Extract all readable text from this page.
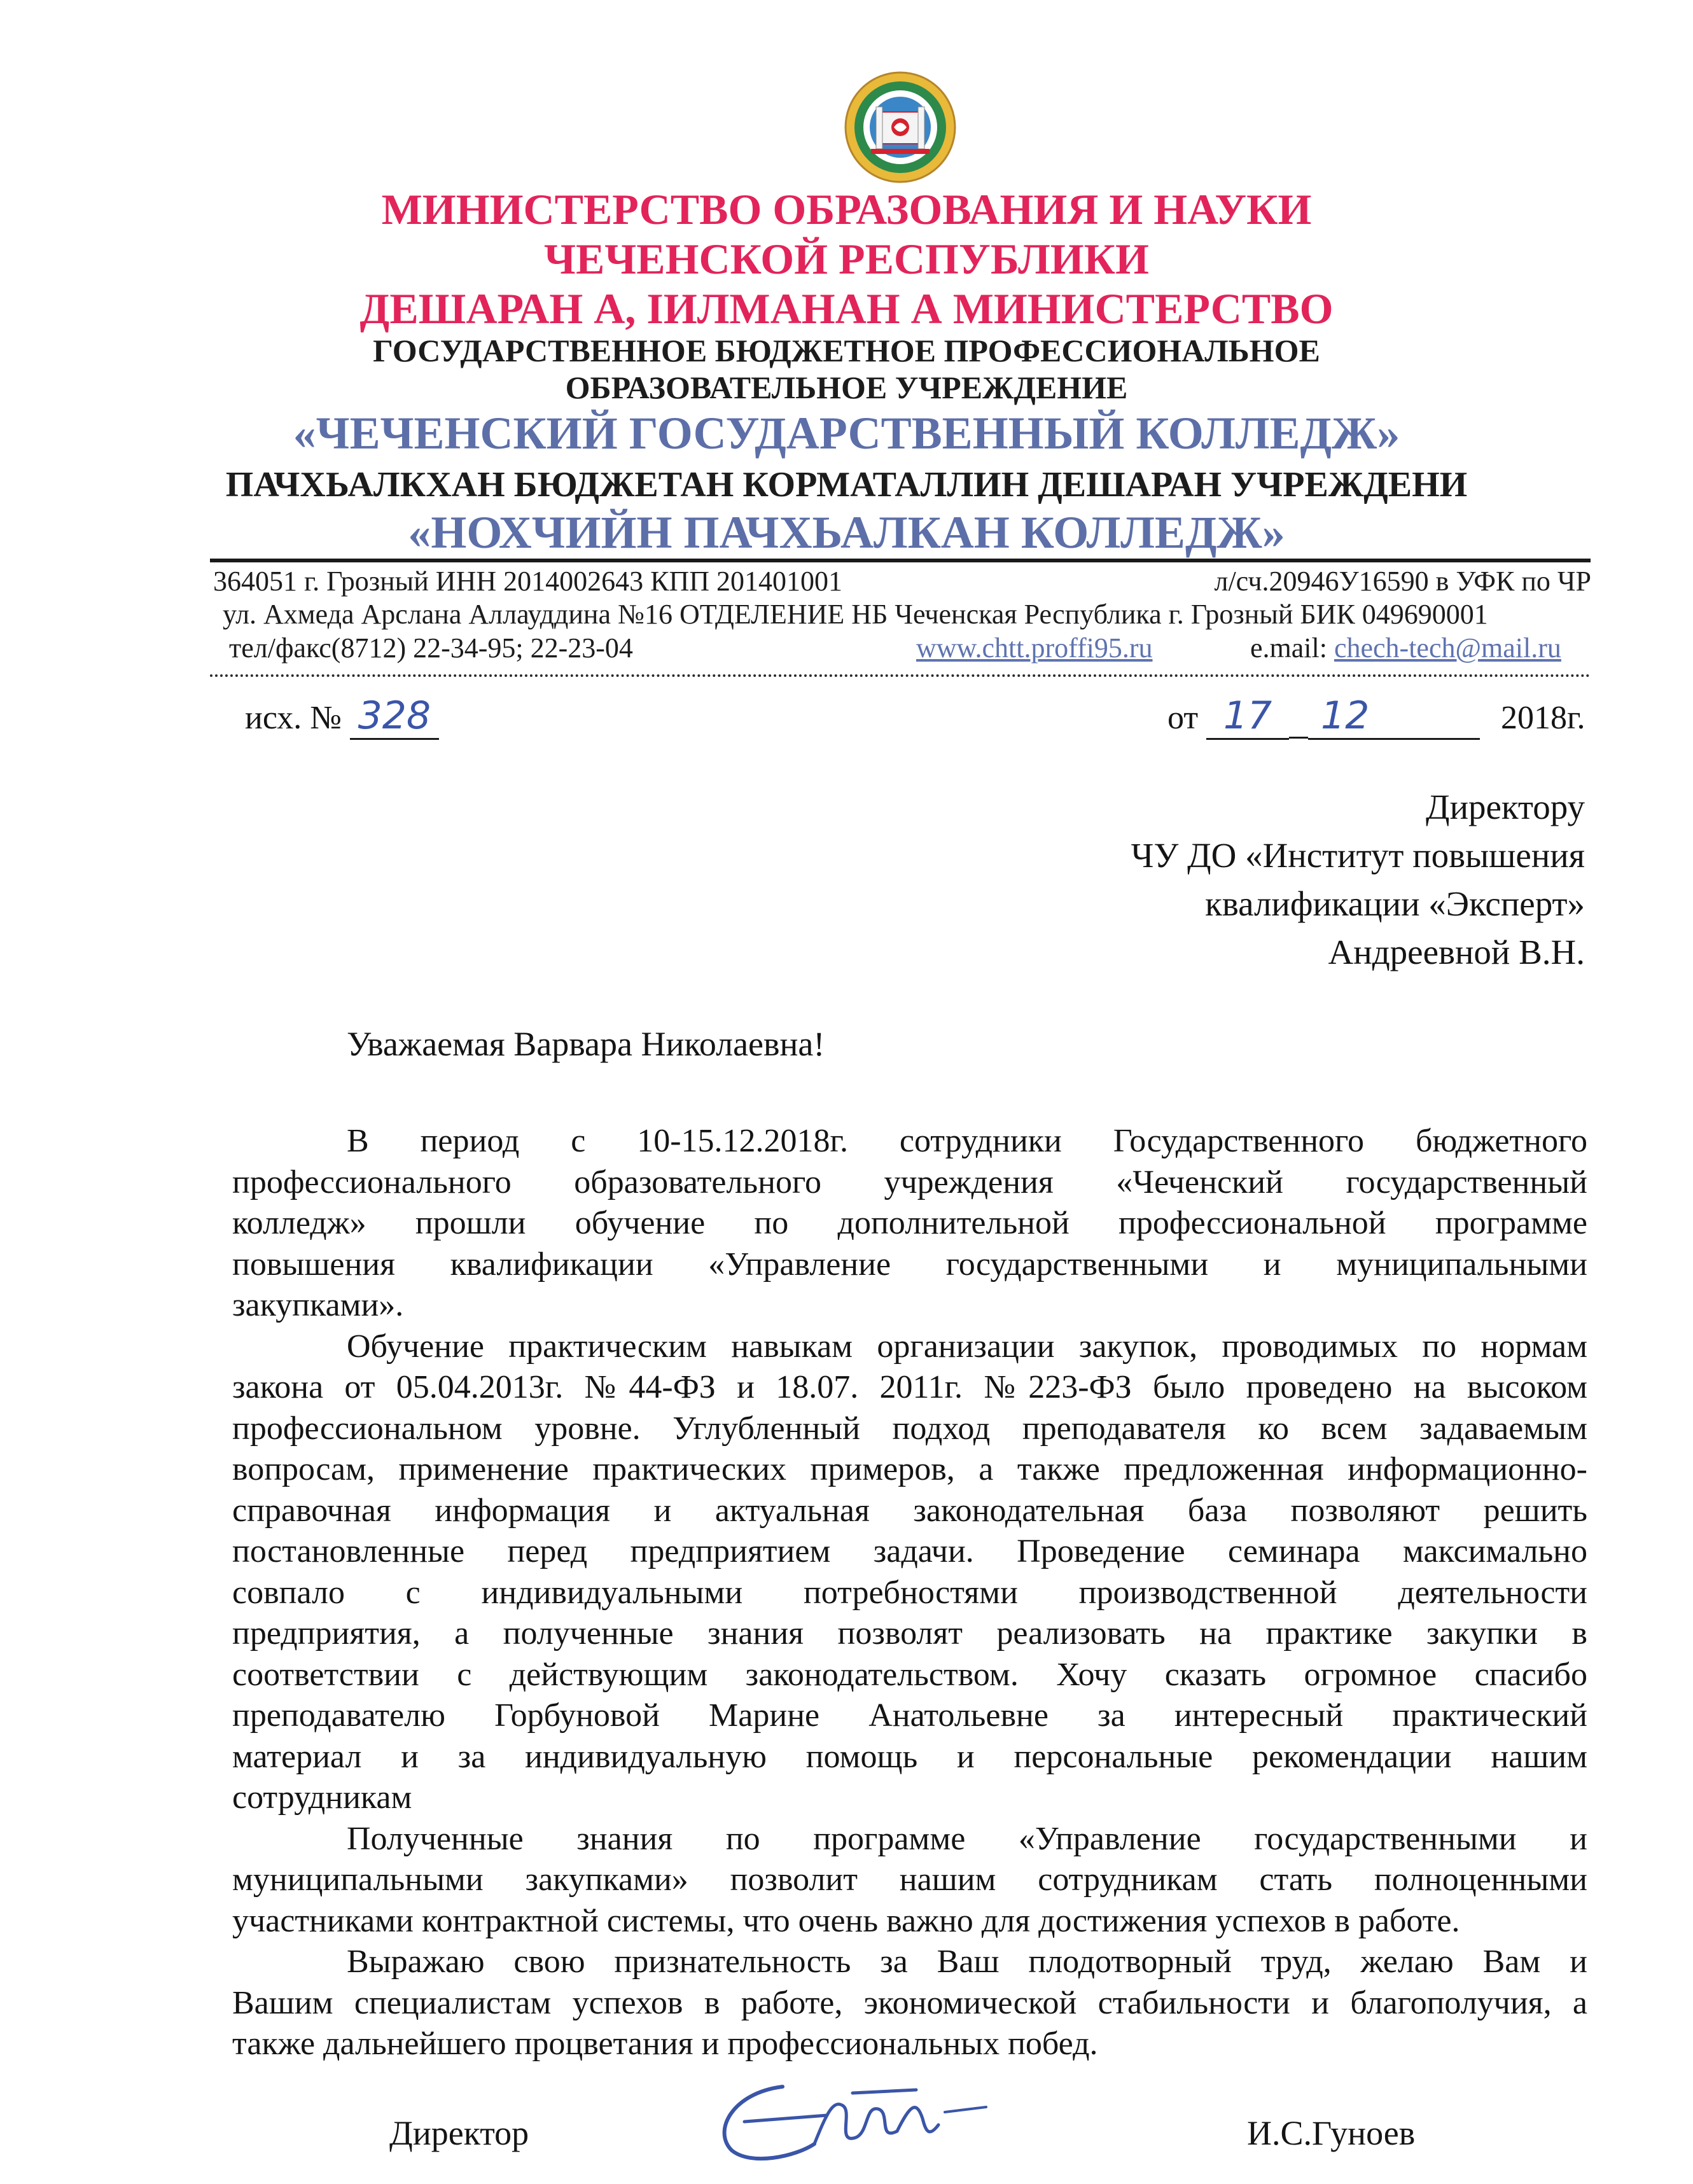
МИНИСТЕРСТВО ОБРАЗОВАНИЯ И НАУКИ
ЧЕЧЕНСКОЙ РЕСПУБЛИКИ
ДЕШАРАН А, IИЛМАНАН А МИНИСТЕРСТВО
ГОСУДАРСТВЕННОЕ БЮДЖЕТНОЕ ПРОФЕССИОНАЛЬНОЕ
ОБРАЗОВАТЕЛЬНОЕ УЧРЕЖДЕНИЕ
«ЧЕЧЕНСКИЙ ГОСУДАРСТВЕННЫЙ КОЛЛЕДЖ»
ПАЧХЬАЛКХАН БЮДЖЕТАН КОРМАТАЛЛИН ДЕШАРАН УЧРЕЖДЕНИ
«НОХЧИЙН ПАЧХЬАЛКАН КОЛЛЕДЖ»
364051 г. Грозный ИНН 2014002643 КПП 201401001	л/сч.20946У16590 в УФК по ЧР
ул. Ахмеда Арслана Аллауддина №16 ОТДЕЛЕНИЕ НБ Чеченская Республика г. Грозный БИК 049690001
тел/факс(8712) 22-34-95; 22-23-04	www.chtt.proffi95.ru	e.mail: chech-tech@mail.ru
исх. № 328	от 17 12	2018г.
Директору
ЧУ ДО «Институт повышения
квалификации «Эксперт»
Андреевной В.Н.
Уважаемая Варвара Николаевна!
В период с 10-15.12.2018г. сотрудники Государственного бюджетного
профессионального образовательного учреждения «Чеченский государственный
колледж» прошли обучение по дополнительной профессиональной программе
повышения квалификации «Управление государственными и муниципальными
закупками».
Обучение практическим навыкам организации закупок, проводимых по нормам
закона от 05.04.2013г. №44-ФЗ и 18.07. 2011г. №223-ФЗ было проведено на высоком
профессиональном уровне. Углубленный подход преподавателя ко всем задаваемым
вопросам, применение практических примеров, а также предложенная информационно-
справочная информация и актуальная законодательная база позволяют решить
постановленные перед предприятием задачи. Проведение семинара максимально
совпало с индивидуальными потребностями производственной деятельности
предприятия, а полученные знания позволят реализовать на практике закупки в
соответствии с действующим законодательством. Хочу сказать огромное спасибо
преподавателю Горбуновой Марине Анатольевне за интересный практический
материал и за индивидуальную помощь и персональные рекомендации нашим
сотрудникам
Полученные знания по программе «Управление государственными и
муниципальными закупками» позволит нашим сотрудникам стать полноценными
участниками контрактной системы, что очень важно для достижения успехов в работе.
Выражаю свою признательность за Ваш плодотворный труд, желаю Вам и
Вашим специалистам успехов в работе, экономической стабильности и благополучия, а
также дальнейшего процветания и профессиональных побед.
Директор	И.С.Гуноев
